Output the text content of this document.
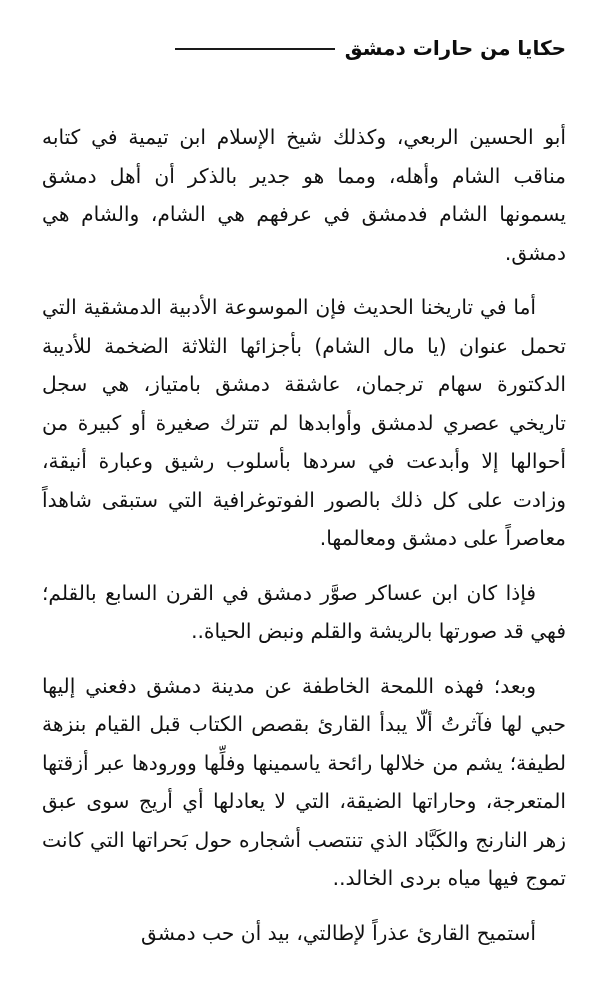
حكايا من حارات دمشق

أبو الحسين الربعي، وكذلك شيخ الإسلام ابن تيمية في كتابه مناقب الشام وأهله، ومما هو جدير بالذكر أن أهل دمشق يسمونها الشام فدمشق في عرفهم هي الشام، والشام هي دمشق.

أما في تاريخنا الحديث فإن الموسوعة الأدبية الدمشقية التي تحمل عنوان (يا مال الشام) بأجزائها الثلاثة الضخمة للأديبة الدكتورة سهام ترجمان، عاشقة دمشق بامتياز، هي سجل تاريخي عصري لدمشق وأوابدها لم تترك صغيرة أو كبيرة من أحوالها إلا وأبدعت في سردها بأسلوب رشيق وعبارة أنيقة، وزادت على كل ذلك بالصور الفوتوغرافية التي ستبقى شاهداً معاصراً على دمشق ومعالمها.

فإذا كان ابن عساكر صوَّر دمشق في القرن السابع بالقلم؛ فهي قد صورتها بالريشة والقلم ونبض الحياة..

وبعد؛ فهذه اللمحة الخاطفة عن مدينة دمشق دفعني إليها حبي لها فآثرتُ ألّا يبدأ القارئ بقصص الكتاب قبل القيام بنزهة لطيفة؛ يشم من خلالها رائحة ياسمينها وفلِّها وورودها عبر أزقتها المتعرجة، وحاراتها الضيقة، التي لا يعادلها أي أريج سوى عبق زهر النارنج والكَبَّاد الذي تنتصب أشجاره حول بَحراتها التي كانت تموج فيها مياه بردى الخالد..

أستميح القارئ عذراً لإطالتي، بيد أن حب دمشق
